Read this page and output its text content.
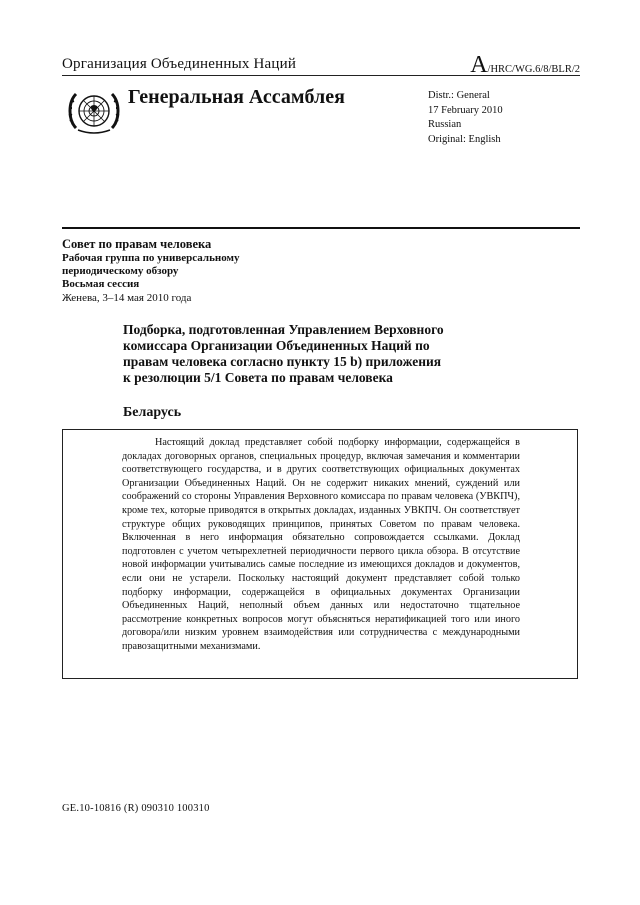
Организация Объединенных Наций	A/HRC/WG.6/8/BLR/2
Генеральная Ассамблея	Distr.: General
17 February 2010
Russian
Original: English
Совет по правам человека
Рабочая группа по универсальному
периодическому обзору
Восьмая сессия
Женева, 3–14 мая 2010 года
Подборка, подготовленная Управлением Верховного
комиссара Организации Объединенных Наций по
правам человека согласно пункту 15 b) приложения
к резолюции 5/1 Совета по правам человека
Беларусь

Настоящий доклад представляет собой подборку информации, содержащейся в докладах договорных органов, специальных процедур, включая замечания и комментарии соответствующего государства, и в других соответствующих официальных документах Организации Объединенных Наций. Он не содержит никаких мнений, суждений или соображений со стороны Управления Верховного комиссара по правам человека (УВКПЧ), кроме тех, которые приводятся в открытых докладах, изданных УВКПЧ. Он соответствует структуре общих руководящих принципов, принятых Советом по правам человека. Включенная в него информация обязательно сопровождается ссылками. Доклад подготовлен с учетом четырехлетней периодичности первого цикла обзора. В отсутствие новой информации учитывались самые последние из имеющихся докладов и документов, если они не устарели. Поскольку настоящий документ представляет собой только подборку информации, содержащейся в официальных документах Организации Объединенных Наций, неполный объем данных или недостаточно тщательное рассмотрение конкретных вопросов могут объясняться нератификацией того или иного договора/или низким уровнем взаимодействия или сотрудничества с международными правозащитными механизмами.

GE.10-10816 (R) 090310 100310
